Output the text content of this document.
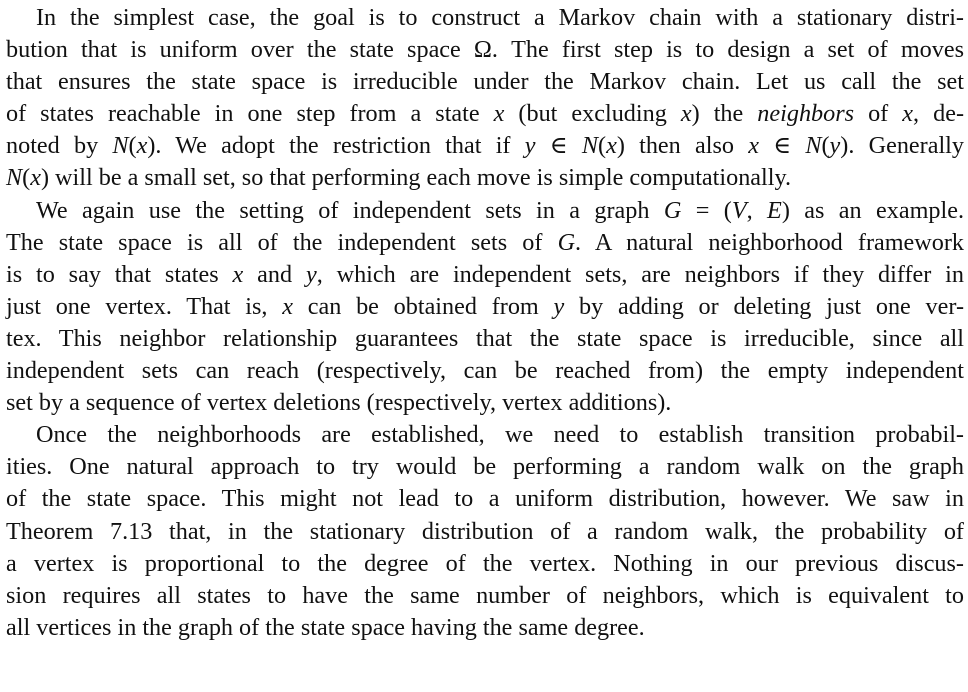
In the simplest case, the goal is to construct a Markov chain with a stationary distri-
bution that is uniform over the state space Ω. The first step is to design a set of moves
that ensures the state space is irreducible under the Markov chain. Let us call the set
of states reachable in one step from a state x (but excluding x) the neighbors of x, de-
noted by N(x). We adopt the restriction that if y ∈ N(x) then also x ∈ N(y). Generally
N(x) will be a small set, so that performing each move is simple computationally.
We again use the setting of independent sets in a graph G = (V, E) as an example.
The state space is all of the independent sets of G. A natural neighborhood framework
is to say that states x and y, which are independent sets, are neighbors if they differ in
just one vertex. That is, x can be obtained from y by adding or deleting just one ver-
tex. This neighbor relationship guarantees that the state space is irreducible, since all
independent sets can reach (respectively, can be reached from) the empty independent
set by a sequence of vertex deletions (respectively, vertex additions).
Once the neighborhoods are established, we need to establish transition probabil-
ities. One natural approach to try would be performing a random walk on the graph
of the state space. This might not lead to a uniform distribution, however. We saw in
Theorem 7.13 that, in the stationary distribution of a random walk, the probability of
a vertex is proportional to the degree of the vertex. Nothing in our previous discus-
sion requires all states to have the same number of neighbors, which is equivalent to
all vertices in the graph of the state space having the same degree.
